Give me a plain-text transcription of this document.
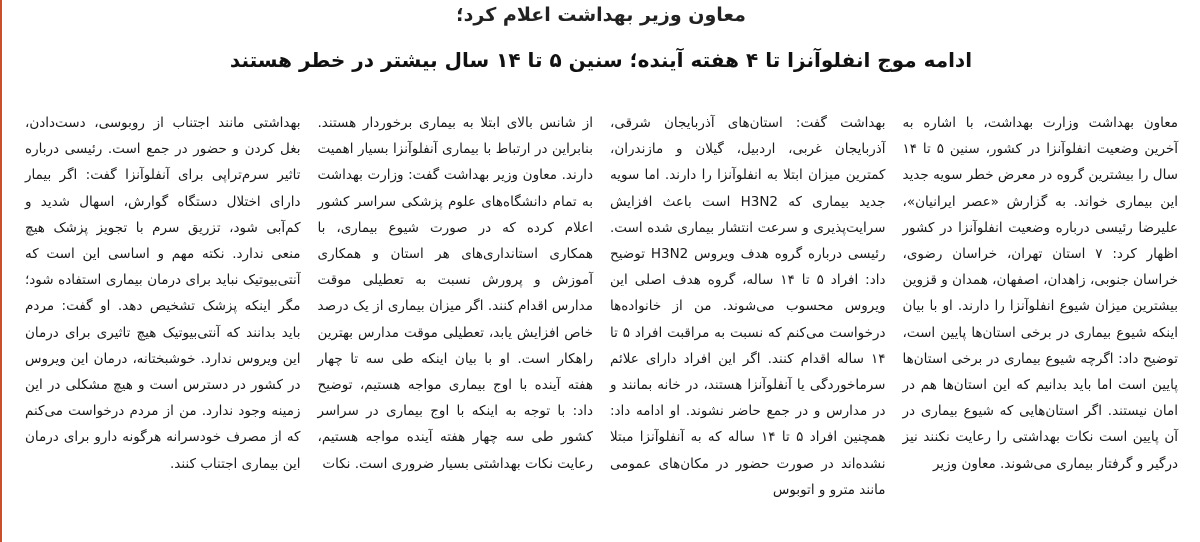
معاون وزیر بهداشت اعلام کرد؛
ادامه موج انفلوآنزا تا ۴ هفته آینده؛ سنین ۵ تا ۱۴ سال بیشتر در خطر هستند
معاون بهداشت وزارت بهداشت، با اشاره به آخرین وضعیت انفلوآنزا در کشور، سنین ۵ تا ۱۴ سال را بیشترین گروه در معرض خطر سویه جدید این بیماری خواند. به گزارش «عصر ایرانیان»، علیرضا رئیسی درباره وضعیت انفلوآنزا در کشور اظهار کرد: ۷ استان تهران، خراسان رضوی، خراسان جنوبی، زاهدان، اصفهان، همدان و قزوین بیشترین میزان شیوع انفلوآنزا را دارند. او با بیان اینکه شیوع بیماری در برخی استان‌ها پایین است، توضیح داد: اگرچه شیوع بیماری در برخی استان‌ها پایین است اما باید بدانیم که این استان‌ها هم در امان نیستند. اگر استان‌هایی که شیوع بیماری در آن پایین است نکات بهداشتی را رعایت نکنند نیز درگیر و گرفتار بیماری می‌شوند. معاون وزیر
بهداشت گفت: استان‌های آذربایجان شرقی، آذربایجان غربی، اردبیل، گیلان و مازندران، کمترین میزان ابتلا به انفلوآنزا را دارند. اما سویه جدید بیماری که H3N2 است باعث افزایش سرایت‌پذیری و سرعت انتشار بیماری شده است. رئیسی درباره گروه هدف ویروس H3N2 توضیح داد: افراد ۵ تا ۱۴ ساله، گروه هدف اصلی این ویروس محسوب می‌شوند. من از خانواده‌ها درخواست می‌کنم که نسبت به مراقبت افراد ۵ تا ۱۴ ساله اقدام کنند. اگر این افراد دارای علائم سرماخوردگی یا آنفلوآنزا هستند، در خانه بمانند و در مدارس و در جمع حاضر نشوند. او ادامه داد: همچنین افراد ۵ تا ۱۴ ساله که به آنفلوآنزا مبتلا نشده‌اند در صورت حضور در مکان‌های عمومی مانند مترو و اتوبوس
از شانس بالای ابتلا به بیماری برخوردار هستند. بنابراین در ارتباط با بیماری آنفلوآنزا بسیار اهمیت دارند. معاون وزیر بهداشت گفت: وزارت بهداشت به تمام دانشگاه‌های علوم پزشکی سراسر کشور اعلام کرده که در صورت شیوع بیماری، با همکاری استانداری‌های هر استان و همکاری آموزش و پرورش نسبت به تعطیلی موقت مدارس اقدام کنند. اگر میزان بیماری از یک درصد خاص افزایش یابد، تعطیلی موقت مدارس بهترین راهکار است. او با بیان اینکه طی سه تا چهار هفته آینده با اوج بیماری مواجه هستیم، توضیح داد: با توجه به اینکه با اوج بیماری در سراسر کشور طی سه چهار هفته آینده مواجه هستیم، رعایت نکات بهداشتی بسیار ضروری است. نکات
بهداشتی مانند اجتناب از روبوسی، دست‌دادن، بغل کردن و حضور در جمع است. رئیسی درباره تاثیر سرم‌تراپی برای آنفلوآنزا گفت: اگر بیمار دارای اختلال دستگاه گوارش، اسهال شدید و کم‌آبی شود، تزریق سرم با تجویز پزشک هیچ منعی ندارد. نکته مهم و اساسی این است که آنتی‌بیوتیک نباید برای درمان بیماری استفاده شود؛ مگر اینکه پزشک تشخیص دهد. او گفت: مردم باید بدانند که آنتی‌بیوتیک هیچ تاثیری برای درمان این ویروس ندارد. خوشبختانه، درمان این ویروس در کشور در دسترس است و هیچ مشکلی در این زمینه وجود ندارد. من از مردم درخواست می‌کنم که از مصرف خودسرانه هرگونه دارو برای درمان این بیماری اجتناب کنند.
